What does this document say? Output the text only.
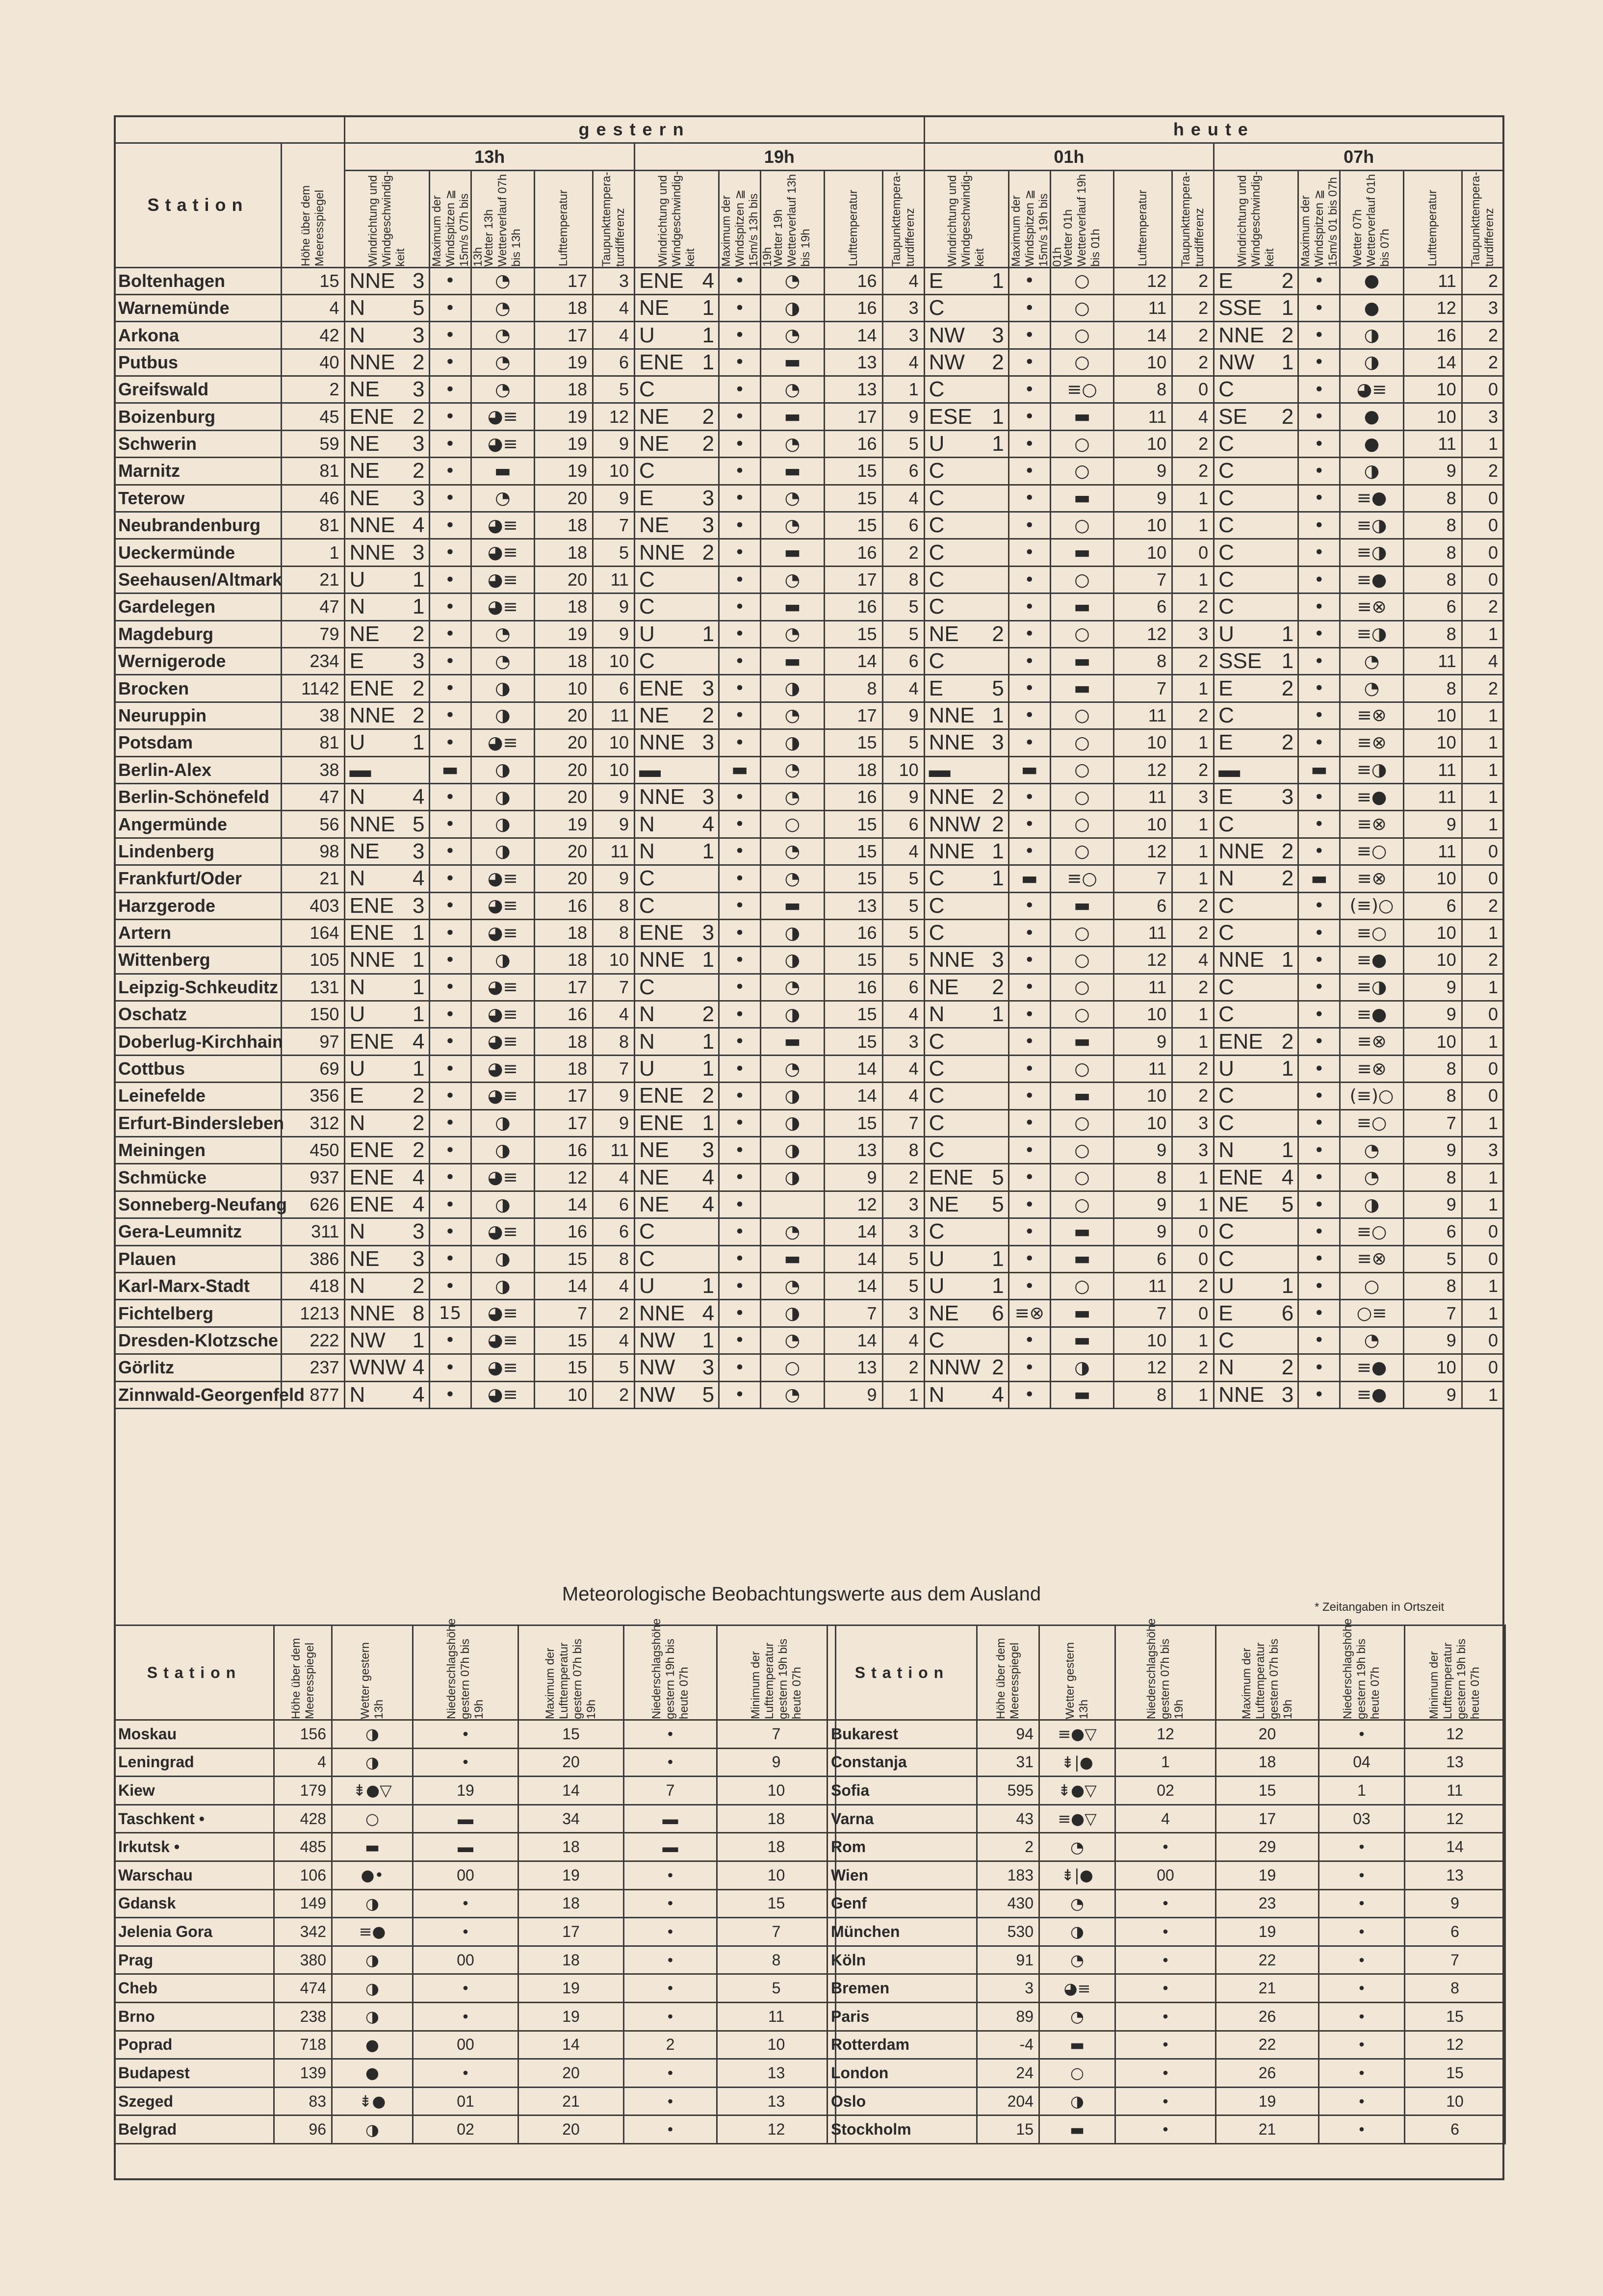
		gestern										heute									
Station	Höhe über dem Meeresspiegel	13h					19h					01h					07h				

		Windrichtung und Windgeschwindig-keit	Maximum der Windspitzen ≧ 15m/s 07h bis 13h	Wetter 13h Wetterverlauf 07h bis 13h	Lufttemperatur	Taupunkttempera-turdifferenz	Windrichtung und Windgeschwindig-keit	Maximum der Windspitzen ≧ 15m/s 13h bis 19h	Wetter 19h Wetterverlauf 13h bis 19h	Lufttemperatur	Taupunkttempera-turdifferenz	Windrichtung und Windgeschwindig-keit	Maximum der Windspitzen ≧ 15m/s 19h bis 01h	Wetter 01h Wetterverlauf 19h bis 01h	Lufttemperatur	Taupunkttempera-turdifferenz	Windrichtung und Windgeschwindig-keit	Maximum der Windspitzen ≧ 15m/s 01 bis 07h	Wetter 07h Wetterverlauf 01h bis 07h	Lufttemperatur	Taupunkttempera-turdifferenz

Boltenhagen	15	NNE 3	•	◔	17	3	ENE 4	•	◔	16	4	E 1	•	○	12	2	E 2	•	●	11	2
Warnemünde	4	N 5	•	◔	18	4	NE 1	•	◑	16	3	C	•	○	11	2	SSE 1	•	●	12	3
Arkona	42	N 3	•	◔	17	4	U 1	•	◔	14	3	NW 3	•	○	14	2	NNE 2	•	◑	16	2
Putbus	40	NNE 2	•	◔	19	6	ENE 1	•	▬	13	4	NW 2	•	○	10	2	NW 1	•	◑	14	2
Greifswald	2	NE 3	•	◔	18	5	C	•	◔	13	1	C	•	≡○	8	0	C	•	◕≡	10	0
Boizenburg	45	ENE 2	•	◕≡	19	12	NE 2	•	▬	17	9	ESE 1	•	▬	11	4	SE 2	•	●	10	3
Schwerin	59	NE 3	•	◕≡	19	9	NE 2	•	◔	16	5	U 1	•	○	10	2	C	•	●	11	1
Marnitz	81	NE 2	•	▬	19	10	C	•	▬	15	6	C	•	○	9	2	C	•	◑	9	2
Teterow	46	NE 3	•	◔	20	9	E 3	•	◔	15	4	C	•	▬	9	1	C	•	≡●	8	0
Neubrandenburg	81	NNE 4	•	◕≡	18	7	NE 3	•	◔	15	6	C	•	○	10	1	C	•	≡◑	8	0
Ueckermünde	1	NNE 3	•	◕≡	18	5	NNE 2	•	▬	16	2	C	•	▬	10	0	C	•	≡◑	8	0
Seehausen/Altmark	21	U 1	•	◕≡	20	11	C	•	◔	17	8	C	•	○	7	1	C	•	≡●	8	0
Gardelegen	47	N 1	•	◕≡	18	9	C	•	▬	16	5	C	•	▬	6	2	C	•	≡⊗	6	2
Magdeburg	79	NE 2	•	◔	19	9	U 1	•	◔	15	5	NE 2	•	○	12	3	U 1	•	≡◑	8	1
Wernigerode	234	E 3	•	◔	18	10	C	•	▬	14	6	C	•	▬	8	2	SSE 1	•	◔	11	4
Brocken	1142	ENE 2	•	◑	10	6	ENE 3	•	◑	8	4	E 5	•	▬	7	1	E 2	•	◔	8	2
Neuruppin	38	NNE 2	•	◑	20	11	NE 2	•	◔	17	9	NNE 1	•	○	11	2	C	•	≡⊗	10	1
Potsdam	81	U 1	•	◕≡	20	10	NNE 3	•	◑	15	5	NNE 3	•	○	10	1	E 2	•	≡⊗	10	1
Berlin-Alex	38	▬	▬	◑	20	10	▬	▬	◔	18	10	▬	▬	○	12	2	▬	▬	≡◑	11	1
Berlin-Schönefeld	47	N 4	•	◑	20	9	NNE 3	•	◔	16	9	NNE 2	•	○	11	3	E 3	•	≡●	11	1
Angermünde	56	NNE 5	•	◑	19	9	N 4	•	○	15	6	NNW 2	•	○	10	1	C	•	≡⊗	9	1
Lindenberg	98	NE 3	•	◑	20	11	N 1	•	◔	15	4	NNE 1	•	○	12	1	NNE 2	•	≡○	11	0
Frankfurt/Oder	21	N 4	•	◕≡	20	9	C	•	◔	15	5	C 1	▬	≡○	7	1	N 2	▬	≡⊗	10	0
Harzgerode	403	ENE 3	•	◕≡	16	8	C	•	▬	13	5	C	•	▬	6	2	C	•	(≡)○	6	2
Artern	164	ENE 1	•	◕≡	18	8	ENE 3	•	◑	16	5	C	•	○	11	2	C	•	≡○	10	1
Wittenberg	105	NNE 1	•	◑	18	10	NNE 1	•	◑	15	5	NNE 3	•	○	12	4	NNE 1	•	≡●	10	2
Leipzig-Schkeuditz	131	N 1	•	◕≡	17	7	C	•	◔	16	6	NE 2	•	○	11	2	C	•	≡◑	9	1
Oschatz	150	U 1	•	◕≡	16	4	N 2	•	◑	15	4	N 1	•	○	10	1	C	•	≡●	9	0
Doberlug-Kirchhain	97	ENE 4	•	◕≡	18	8	N 1	•	▬	15	3	C	•	▬	9	1	ENE 2	•	≡⊗	10	1
Cottbus	69	U 1	•	◕≡	18	7	U 1	•	◔	14	4	C	•	○	11	2	U 1	•	≡⊗	8	0
Leinefelde	356	E 2	•	◕≡	17	9	ENE 2	•	◑	14	4	C	•	▬	10	2	C	•	(≡)○	8	0
Erfurt-Bindersleben	312	N 2	•	◑	17	9	ENE 1	•	◑	15	7	C	•	○	10	3	C	•	≡○	7	1
Meiningen	450	ENE 2	•	◑	16	11	NE 3	•	◑	13	8	C	•	○	9	3	N 1	•	◔	9	3
Schmücke	937	ENE 4	•	◕≡	12	4	NE 4	•	◑	9	2	ENE 5	•	○	8	1	ENE 4	•	◔	8	1
Sonneberg-Neufang	626	ENE 4	•	◑	14	6	NE 4	•		12	3	NE 5	•	○	9	1	NE 5	•	◑	9	1
Gera-Leumnitz	311	N 3	•	◕≡	16	6	C	•	◔	14	3	C	•	▬	9	0	C	•	≡○	6	0
Plauen	386	NE 3	•	◑	15	8	C	•	▬	14	5	U 1	•	▬	6	0	C	•	≡⊗	5	0
Karl-Marx-Stadt	418	N 2	•	◑	14	4	U 1	•	◔	14	5	U 1	•	○	11	2	U 1	•	○	8	1
Fichtelberg	1213	NNE 8	15	◕≡	7	2	NNE 4	•	◑	7	3	NE 6	≡⊗	▬	7	0	E 6	•	○≡	7	1
Dresden-Klotzsche	222	NW 1	•	◕≡	15	4	NW 1	•	◔	14	4	C	•	▬	10	1	C	•	◔	9	0
Görlitz	237	WNW 4	•	◕≡	15	5	NW 3	•	○	13	2	NNW 2	•	◑	12	2	N 2	•	≡●	10	0
Zinnwald-Georgenfeld	877	N 4	•	◕≡	10	2	NW 5	•	◔	9	1	N 4	•	▬	8	1	NNE 3	•	≡●	9	1
Meteorologische Beobachtungswerte aus dem Ausland
* Zeitangaben in Ortszeit
Station	Höhe über dem Meeresspiegel	Wetter gestern 13h	Niederschlagshöhe gestern 07h bis 19h	Maximum der Lufttemperatur gestern 07h bis 19h	Niederschlagshöhe gestern 19h bis heute 07h	Minimum der Lufttemperatur gestern 19h bis heute 07h

Moskau	156	◑	•	15	•	7
Leningrad	4	◑	•	20	•	9
Kiew	179	⇟●▽	19	14	7	10
Taschkent •	428	○	▬	34	▬	18
Irkutsk •	485	▬	▬	18	▬	18
Warschau	106	●•	00	19	•	10
Gdansk	149	◑	•	18	•	15
Jelenia Gora	342	≡●	•	17	•	7
Prag	380	◑	00	18	•	8
Cheb	474	◑	•	19	•	5
Brno	238	◑	•	19	•	11
Poprad	718	●	00	14	2	10
Budapest	139	●	•	20	•	13
Szeged	83	⇟●	01	21	•	13
Belgrad	96	◑	02	20	•	12
Station	Höhe über dem Meeresspiegel	Wetter gestern 13h	Niederschlagshöhe gestern 07h bis 19h	Maximum der Lufttemperatur gestern 07h bis 19h	Niederschlagshöhe gestern 19h bis heute 07h	Minimum der Lufttemperatur gestern 19h bis heute 07h

Bukarest	94	≡●▽	12	20	•	12
Constanja	31	⇟|●	1	18	04	13
Sofia	595	⇟●▽	02	15	1	11
Varna	43	≡●▽	4	17	03	12
Rom	2	◔	•	29	•	14
Wien	183	⇟|●	00	19	•	13
Genf	430	◔	•	23	•	9
München	530	◑	•	19	•	6
Köln	91	◔	•	22	•	7
Bremen	3	◕≡	•	21	•	8
Paris	89	◔	•	26	•	15
Rotterdam	-4	▬	•	22	•	12
London	24	○	•	26	•	15
Oslo	204	◑	•	19	•	10
Stockholm	15	▬	•	21	•	6
